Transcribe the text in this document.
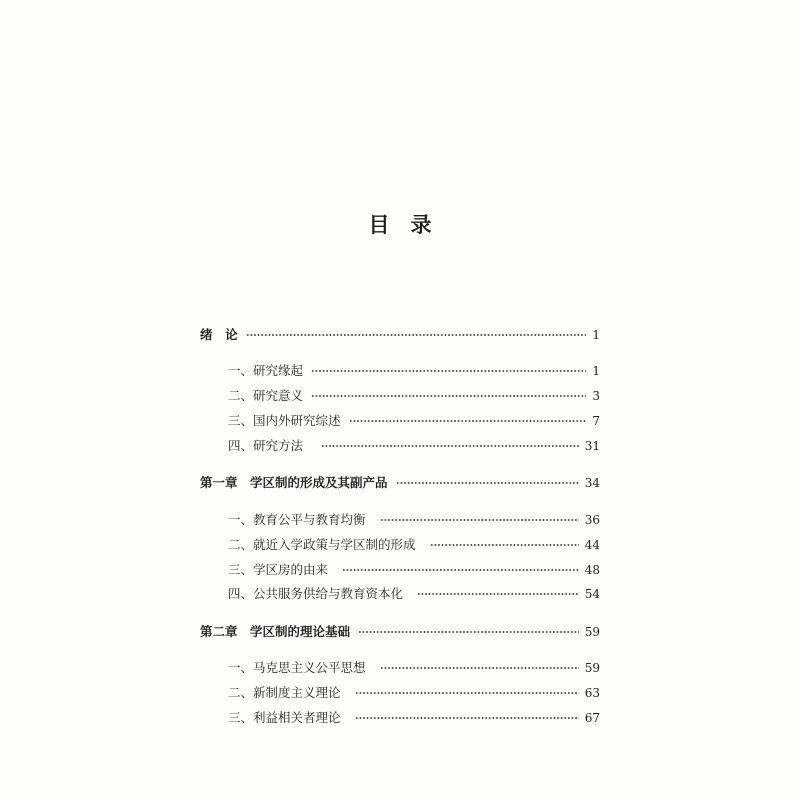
目　录
绪　论	1
一、研究缘起	1
二、研究意义	3
三、国内外研究综述	7
四、研究方法	31
第一章　学区制的形成及其副产品	34
一、教育公平与教育均衡	36
二、就近入学政策与学区制的形成	44
三、学区房的由来	48
四、公共服务供给与教育资本化	54
第二章　学区制的理论基础	59
一、马克思主义公平思想	59
二、新制度主义理论	63
三、利益相关者理论	67
